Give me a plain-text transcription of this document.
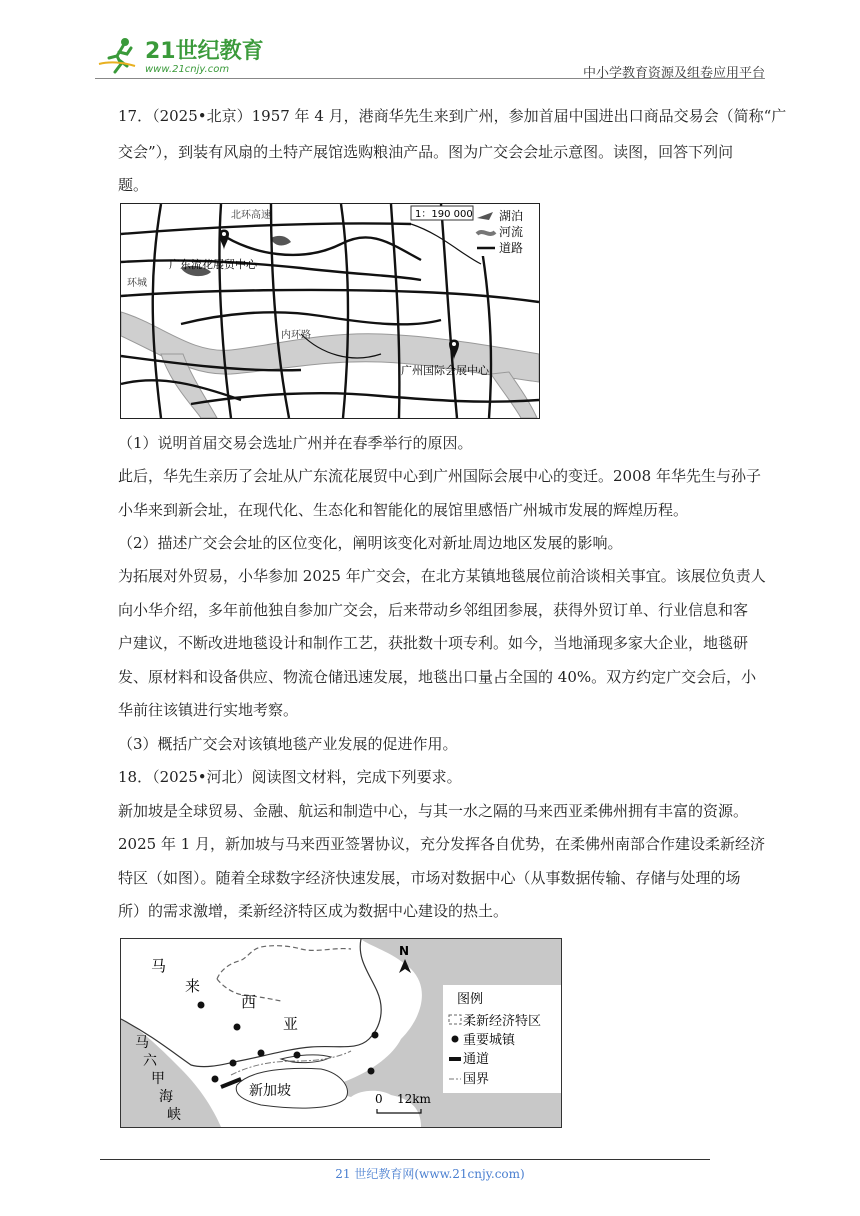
21世纪教育
www.21cnjy.com	中小学教育资源及组卷应用平台
17．（2025•北京）1957 年 4 月，港商华先生来到广州，参加首届中国进出口商品交易会（简称“广
交会”），到装有风扇的土特产展馆选购粮油产品。图为广交会会址示意图。读图，回答下列问
题。
1：190 000 湖泊
河流
道路
北环高速
内环路
环城
广东流花展贸中心
广州国际会展中心
（1）说明首届交易会选址广州并在春季举行的原因。
此后，华先生亲历了会址从广东流花展贸中心到广州国际会展中心的变迁。2008 年华先生与孙子
小华来到新会址，在现代化、生态化和智能化的展馆里感悟广州城市发展的辉煌历程。
（2）描述广交会会址的区位变化，阐明该变化对新址周边地区发展的影响。
为拓展对外贸易，小华参加 2025 年广交会，在北方某镇地毯展位前洽谈相关事宜。该展位负责人
向小华介绍，多年前他独自参加广交会，后来带动乡邻组团参展，获得外贸订单、行业信息和客
户建议，不断改进地毯设计和制作工艺，获批数十项专利。如今，当地涌现多家大企业，地毯研
发、原材料和设备供应、物流仓储迅速发展，地毯出口量占全国的 40%。双方约定广交会后，小
华前往该镇进行实地考察。
（3）概括广交会对该镇地毯产业发展的促进作用。
18．（2025•河北）阅读图文材料，完成下列要求。
新加坡是全球贸易、金融、航运和制造中心，与其一水之隔的马来西亚柔佛州拥有丰富的资源。
2025 年 1 月，新加坡与马来西亚签署协议，充分发挥各自优势，在柔佛州南部合作建设柔新经济
特区（如图）。随着全球数字经济快速发展，市场对数据中心（从事数据传输、存储与处理的场
所）的需求激增，柔新经济特区成为数据中心建设的热土。
马
来
西
亚
马
六
甲
海
峡
新加坡
N
图例
柔新经济特区
重要城镇
通道
国界
0 12km
21 世纪教育网(www.21cnjy.com)
